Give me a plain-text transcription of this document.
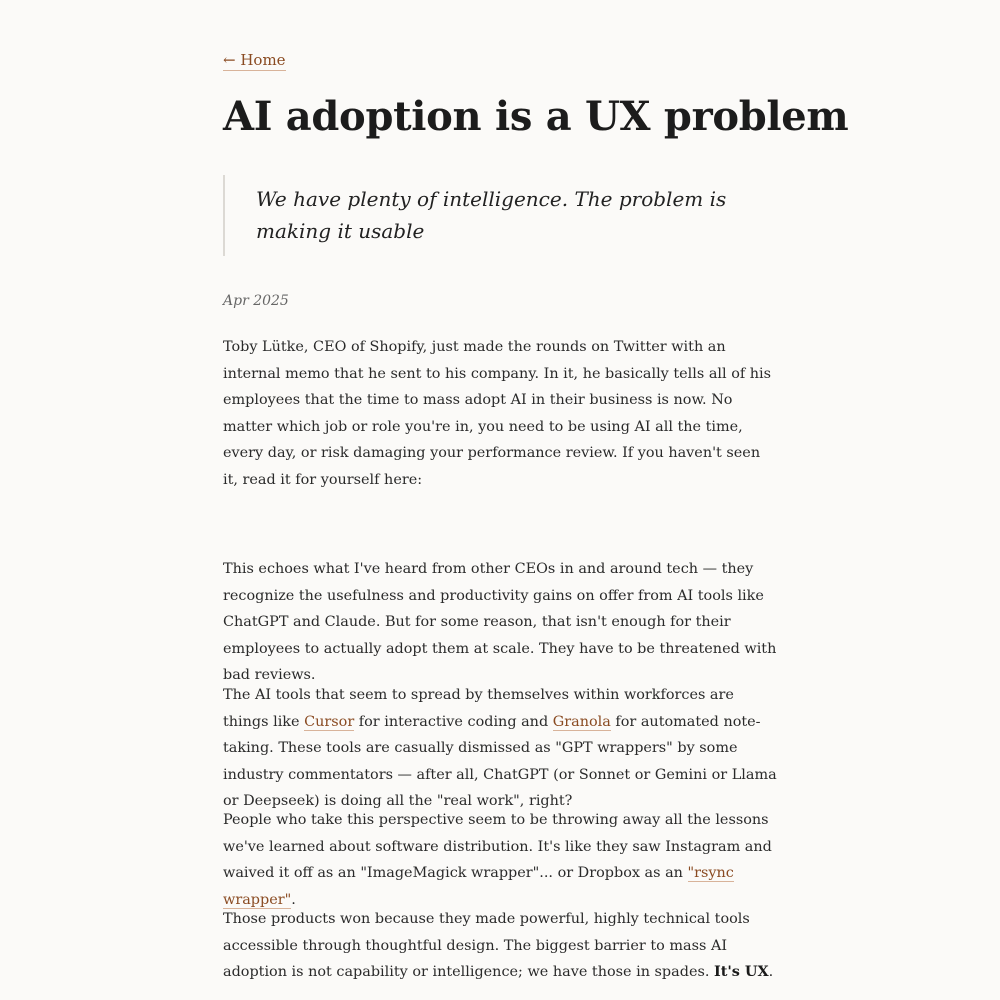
← Home
AI adoption is a UX problem

We have plenty of intelligence. The problem is making it usable

Apr 2025

Toby Lütke, CEO of Shopify, just made the rounds on Twitter with an internal memo that he sent to his company. In it, he basically tells all of his employees that the time to mass adopt AI in their business is now. No matter which job or role you're in, you need to be using AI all the time, every day, or risk damaging your performance review. If you haven't seen it, read it for yourself here:

This echoes what I've heard from other CEOs in and around tech — they recognize the usefulness and productivity gains on offer from AI tools like ChatGPT and Claude. But for some reason, that isn't enough for their employees to actually adopt them at scale. They have to be threatened with bad reviews.

The AI tools that seem to spread by themselves within workforces are things like Cursor for interactive coding and Granola for automated note-taking. These tools are casually dismissed as "GPT wrappers" by some industry commentators — after all, ChatGPT (or Sonnet or Gemini or Llama or Deepseek) is doing all the "real work", right?

People who take this perspective seem to be throwing away all the lessons we've learned about software distribution. It's like they saw Instagram and waived it off as an "ImageMagick wrapper"... or Dropbox as an "rsync wrapper".

Those products won because they made powerful, highly technical tools accessible through thoughtful design. The biggest barrier to mass AI adoption is not capability or intelligence; we have those in spades. It's UX.
